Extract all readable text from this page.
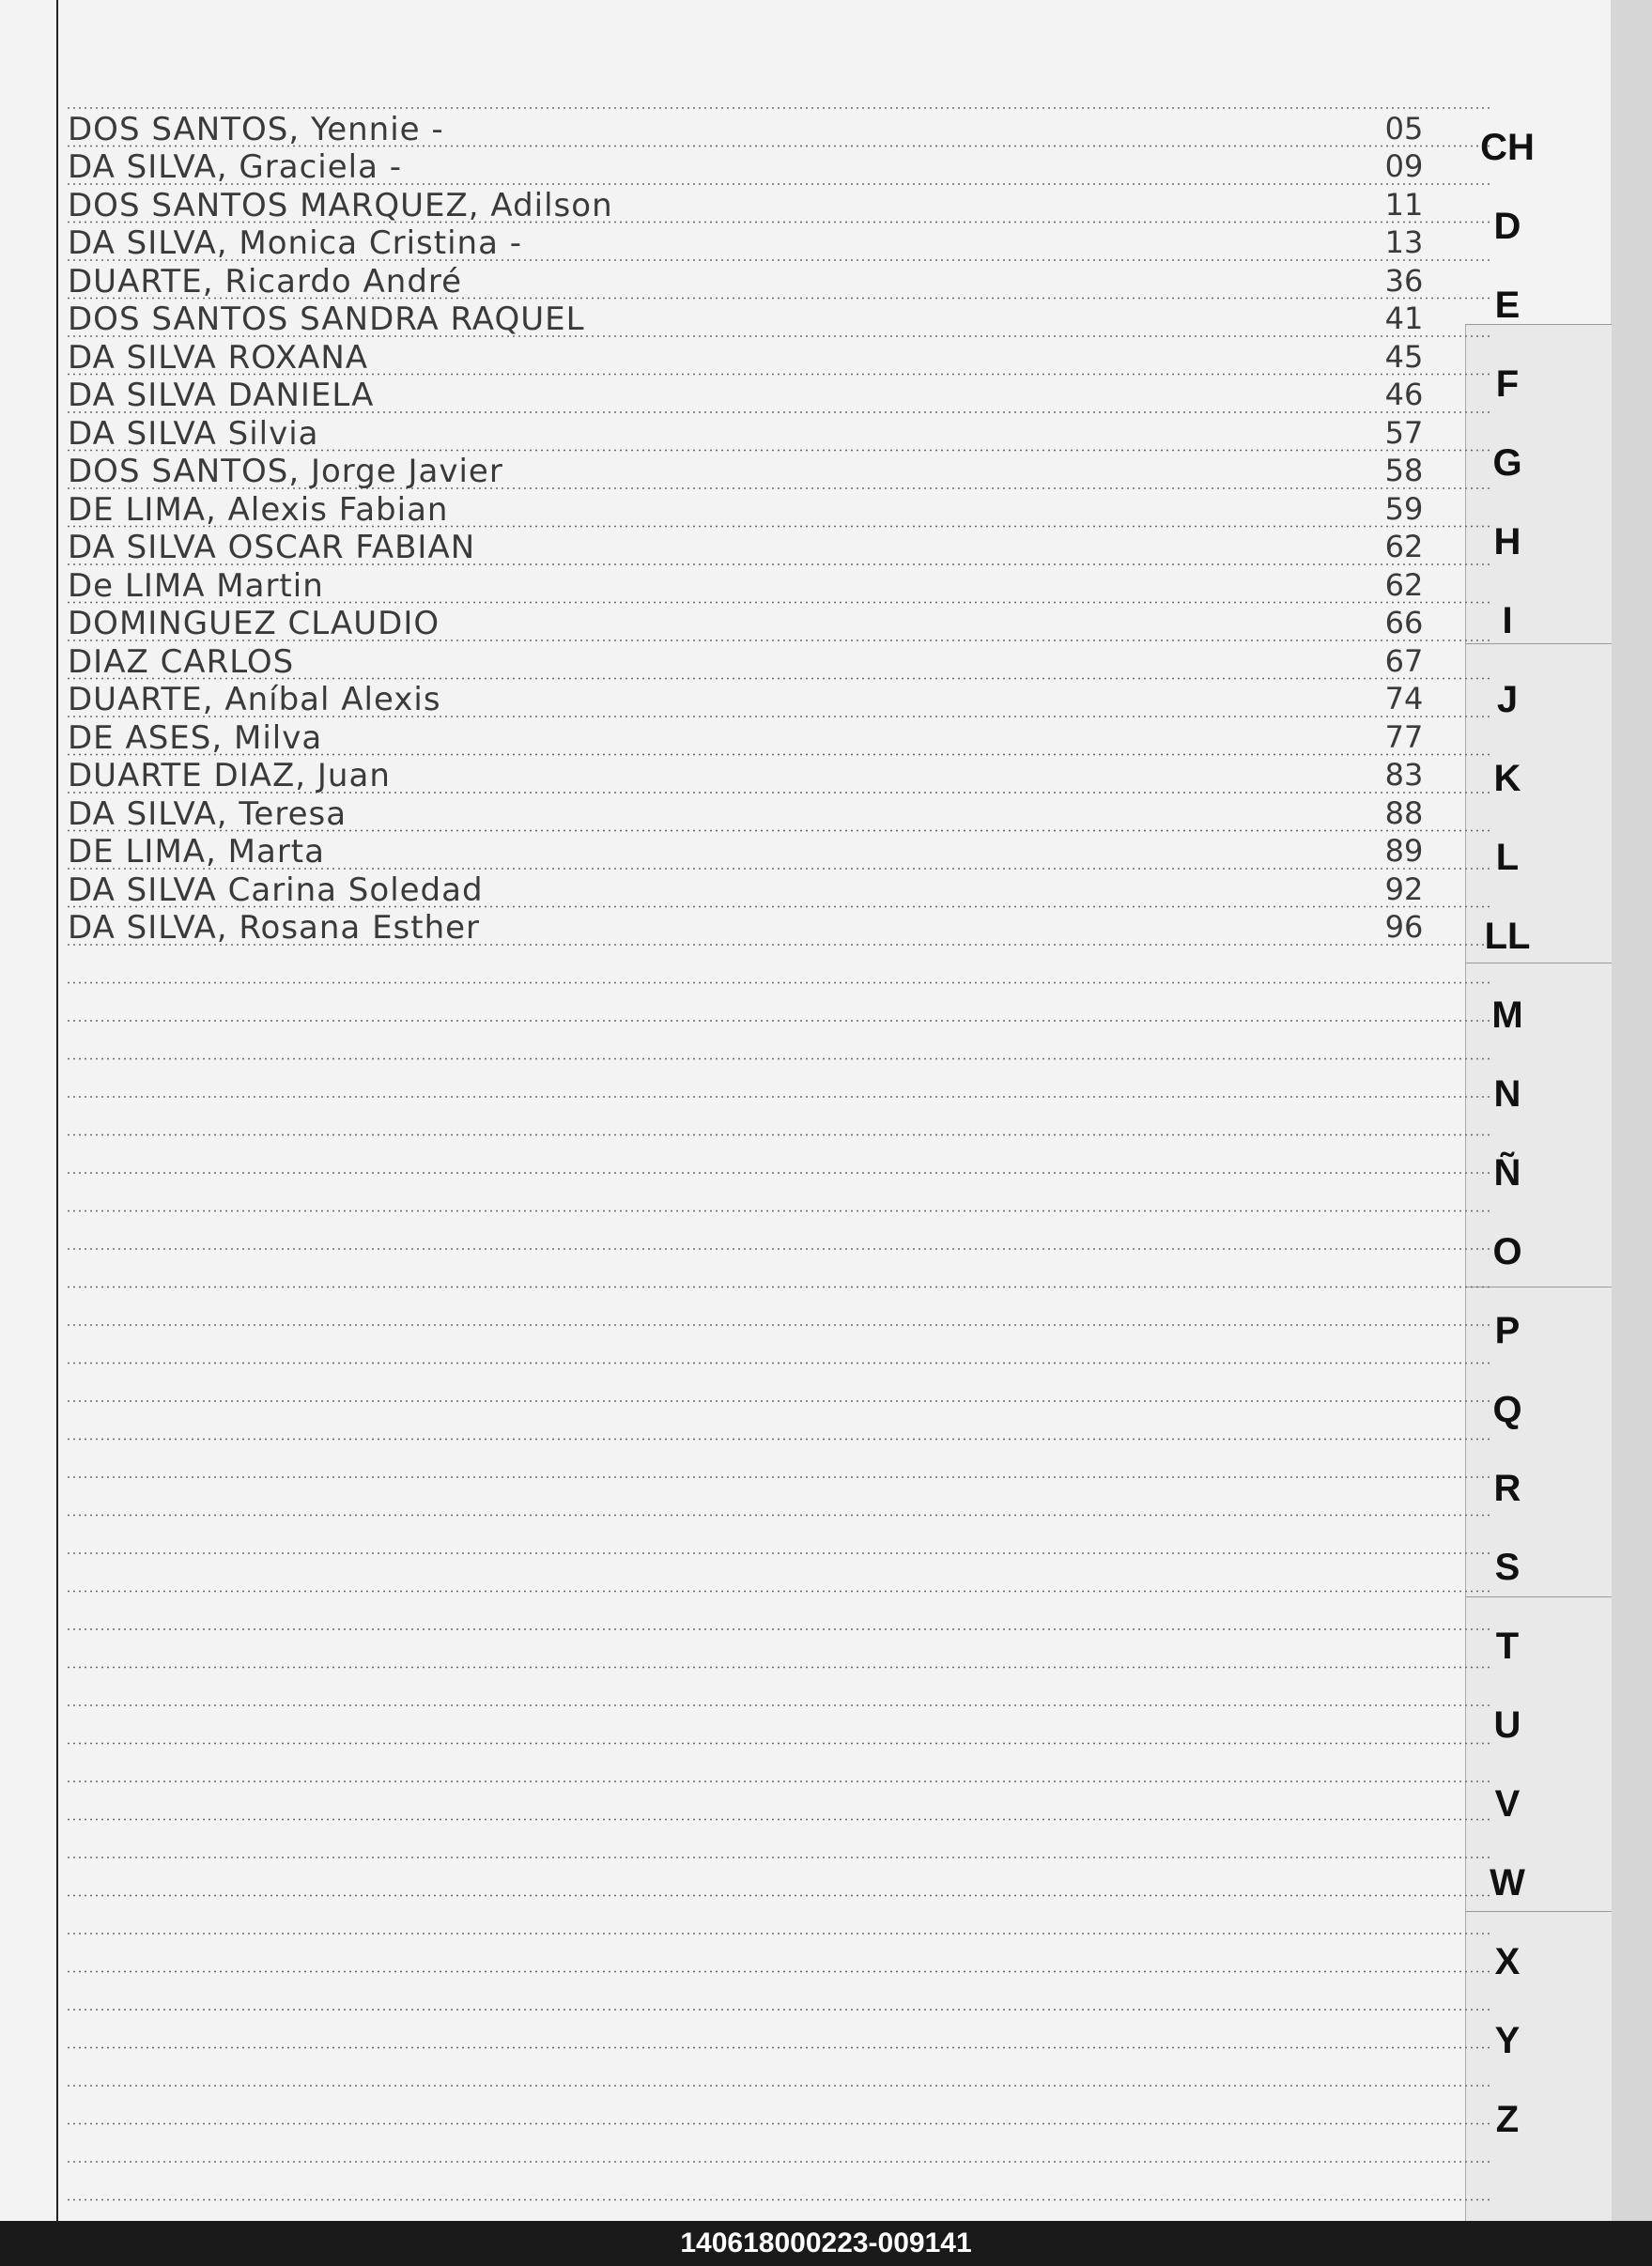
DOS SANTOS, Yennie -	05
DA SILVA, Graciela -	09
DOS SANTOS MARQUEZ, Adilson	11
DA SILVA, Monica Cristina -	13
DUARTE, Ricardo André	36
DOS SANTOS SANDRA RAQUEL	41
DA SILVA ROXANA	45
DA SILVA DANIELA	46
DA SILVA Silvia	57
DOS SANTOS, Jorge Javier	58
DE LIMA, Alexis Fabian	59
DA SILVA OSCAR FABIAN	62
De LIMA Martin	62
DOMINGUEZ CLAUDIO	66
DIAZ CARLOS	67
DUARTE, Aníbal Alexis	74
DE ASES, Milva	77
DUARTE DIAZ, Juan	83
DA SILVA, Teresa	88
DE LIMA, Marta	89
DA SILVA Carina Soledad	92
DA SILVA, Rosana Esther	96
CH
D
E
F
G
H
I
J
K
L
LL
M
N
Ñ
O
P
Q
R
S
T
U
V
W
X
Y
Z
140618000223-009141
